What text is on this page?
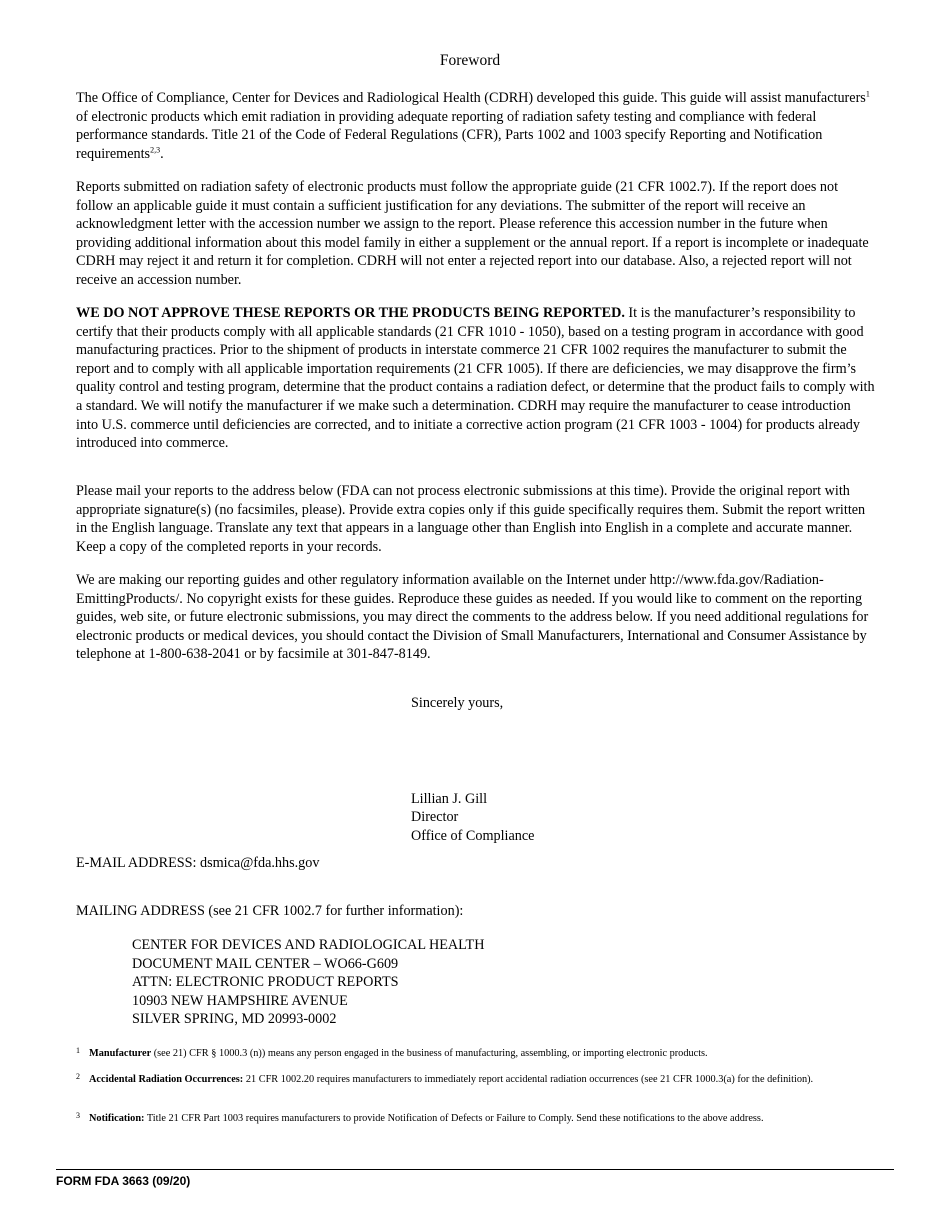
Foreword

The Office of Compliance, Center for Devices and Radiological Health (CDRH) developed this guide. This guide will assist manufacturers$^1$ of electronic products which emit radiation in providing adequate reporting of radiation safety testing and compliance with federal performance standards. Title 21 of the Code of Federal Regulations (CFR), Parts 1002 and 1003 specify Reporting and Notification requirements$^{2,3}$.

Reports submitted on radiation safety of electronic products must follow the appropriate guide (21 CFR 1002.7). If the report does not follow an applicable guide it must contain a sufficient justification for any deviations. The submitter of the report will receive an acknowledgment letter with the accession number we assign to the report. Please reference this accession number in the future when providing additional information about this model family in either a supplement or the annual report. If a report is incomplete or inadequate CDRH may reject it and return it for completion. CDRH will not enter a rejected report into our database. Also, a rejected report will not receive an accession number.

WE DO NOT APPROVE THESE REPORTS OR THE PRODUCTS BEING REPORTED. It is the manufacturer’s responsibility to certify that their products comply with all applicable standards (21 CFR 1010 - 1050), based on a testing program in accordance with good manufacturing practices. Prior to the shipment of products in interstate commerce 21 CFR 1002 requires the manufacturer to submit the report and to comply with all applicable importation requirements (21 CFR 1005). If there are deficiencies, we may disapprove the firm’s quality control and testing program, determine that the product contains a radiation defect, or determine that the product fails to comply with a standard. We will notify the manufacturer if we make such a determination. CDRH may require the manufacturer to cease introduction into U.S. commerce until deficiencies are corrected, and to initiate a corrective action program (21 CFR 1003 - 1004) for products already introduced into commerce.

Please mail your reports to the address below (FDA can not process electronic submissions at this time). Provide the original report with appropriate signature(s) (no facsimiles, please). Provide extra copies only if this guide specifically requires them. Submit the report written in the English language. Translate any text that appears in a language other than English into English in a complete and accurate manner. Keep a copy of the completed reports in your records.

We are making our reporting guides and other regulatory information available on the Internet under http://www.fda.gov/Radiation-EmittingProducts/. No copyright exists for these guides. Reproduce these guides as needed. If you would like to comment on the reporting guides, web site, or future electronic submissions, you may direct the comments to the address below. If you need additional regulations for electronic products or medical devices, you should contact the Division of Small Manufacturers, International and Consumer Assistance by telephone at 1-800-638-2041 or by facsimile at 301-847-8149.

Sincerely yours,
Lillian J. Gill
Director
Office of Compliance
E-MAIL ADDRESS: dsmica@fda.hhs.gov
MAILING ADDRESS (see 21 CFR 1002.7 for further information):
CENTER FOR DEVICES AND RADIOLOGICAL HEALTH
DOCUMENT MAIL CENTER – WO66-G609
ATTN: ELECTRONIC PRODUCT REPORTS
10903 NEW HAMPSHIRE AVENUE
SILVER SPRING, MD 20993-0002
1 Manufacturer (see 21) CFR § 1000.3 (n)) means any person engaged in the business of manufacturing, assembling, or importing electronic products.
2 Accidental Radiation Occurrences: 21 CFR 1002.20 requires manufacturers to immediately report accidental radiation occurrences (see 21 CFR 1000.3(a) for the definition).
3 Notification: Title 21 CFR Part 1003 requires manufacturers to provide Notification of Defects or Failure to Comply. Send these notifications to the above address.
FORM FDA 3663 (09/20)
